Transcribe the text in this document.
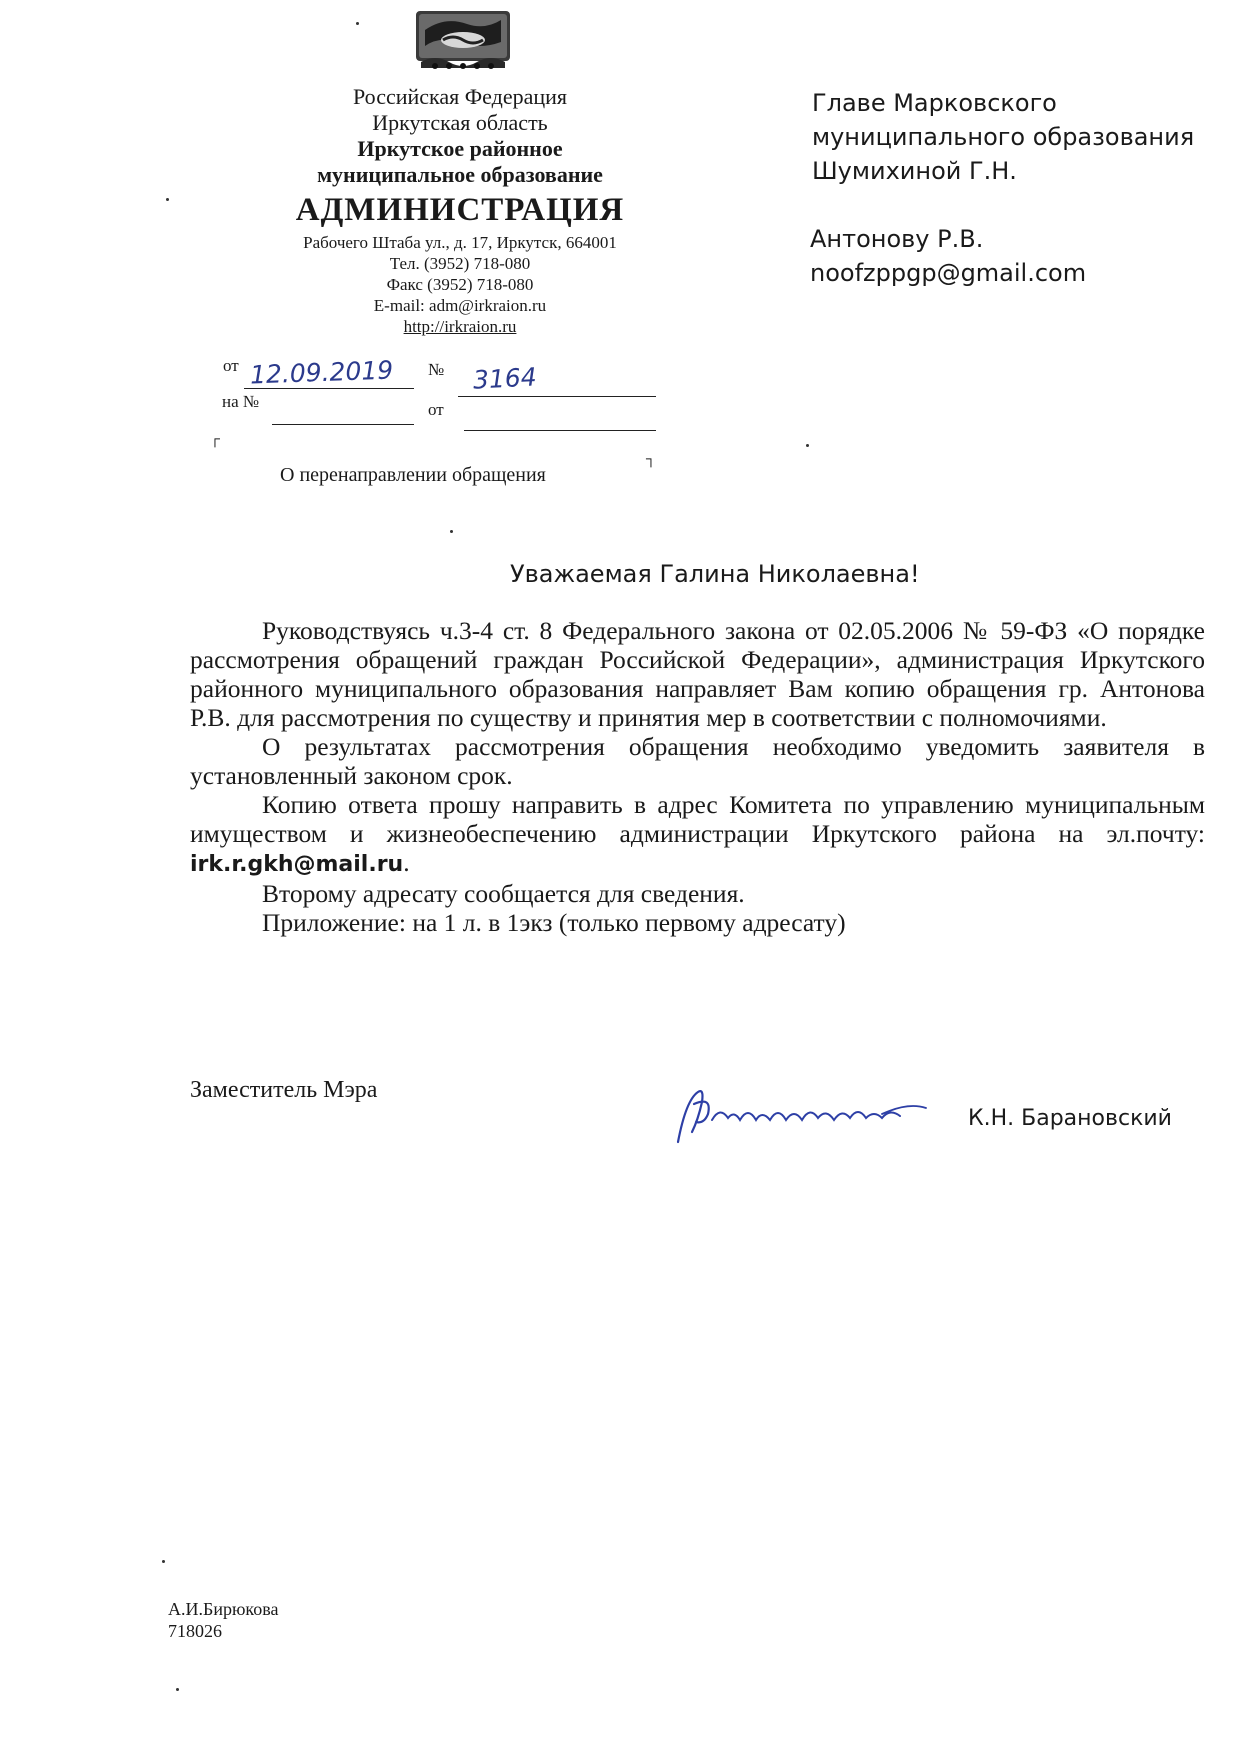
Российская Федерация
Иркутская область
Иркутское районное
муниципальное образование
АДМИНИСТРАЦИЯ
Рабочего Штаба ул., д. 17, Иркутск, 664001
Тел. (3952) 718-080
Факс (3952) 718-080
E-mail: adm@irkraion.ru
http://irkraion.ru
от 12.09.2019 № 3164
на №	от
┌
┐
О перенаправлении обращения
Главе Марковского
муниципального образования
Шумихиной Г.Н.
Антонову Р.В.
noofzppgp@gmail.com
Уважаемая Галина Николаевна!

Руководствуясь ч.3-4 ст. 8 Федерального закона от 02.05.2006 № 59-ФЗ «О порядке рассмотрения обращений граждан Российской Федерации», администрация Иркутского районного муниципального образования направляет Вам копию обращения гр. Антонова Р.В. для рассмотрения по существу и принятия мер в соответствии с полномочиями.

О результатах рассмотрения обращения необходимо уведомить заявителя в установленный законом срок.

Копию ответа прошу направить в адрес Комитета по управлению муниципальным имуществом и жизнеобеспечению администрации Иркутского района на эл.почту: irk.r.gkh@mail.ru.

Второму адресату сообщается для сведения.

Приложение: на 1 л. в 1экз (только первому адресату)

Заместитель Мэра
К.Н. Барановский
А.И.Бирюкова
718026
